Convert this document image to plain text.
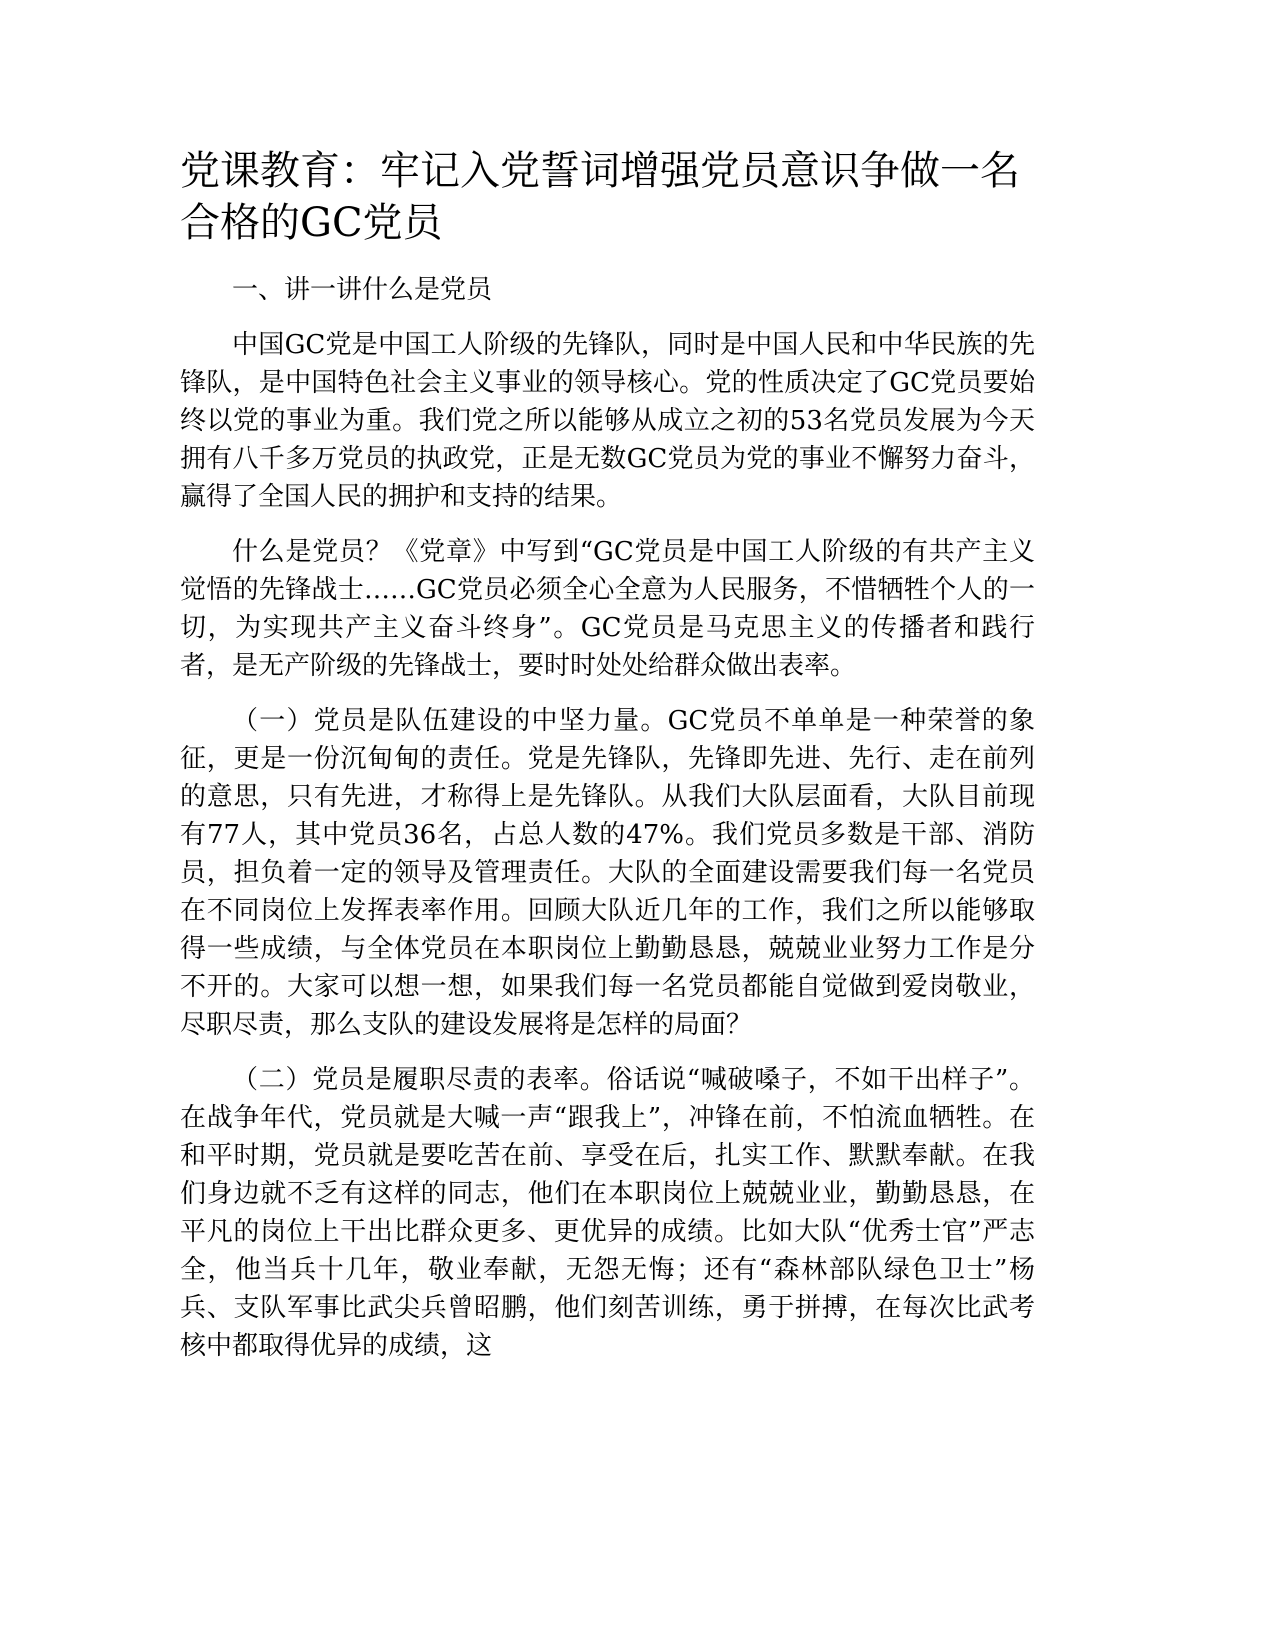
党课教育：牢记入党誓词增强党员意识争做一名合格的GC党员

一、讲一讲什么是党员

中国GC党是中国工人阶级的先锋队，同时是中国人民和中华民族的先锋队，是中国特色社会主义事业的领导核心。党的性质决定了GC党员要始终以党的事业为重。我们党之所以能够从成立之初的53名党员发展为今天拥有八千多万党员的执政党，正是无数GC党员为党的事业不懈努力奋斗，赢得了全国人民的拥护和支持的结果。

什么是党员？《党章》中写到“GC党员是中国工人阶级的有共产主义觉悟的先锋战士……GC党员必须全心全意为人民服务，不惜牺牲个人的一切，为实现共产主义奋斗终身”。GC党员是马克思主义的传播者和践行者，是无产阶级的先锋战士，要时时处处给群众做出表率。

（一）党员是队伍建设的中坚力量。GC党员不单单是一种荣誉的象征，更是一份沉甸甸的责任。党是先锋队，先锋即先进、先行、走在前列的意思，只有先进，才称得上是先锋队。从我们大队层面看，大队目前现有77人，其中党员36名，占总人数的47%。我们党员多数是干部、消防员，担负着一定的领导及管理责任。大队的全面建设需要我们每一名党员在不同岗位上发挥表率作用。回顾大队近几年的工作，我们之所以能够取得一些成绩，与全体党员在本职岗位上勤勤恳恳，兢兢业业努力工作是分不开的。大家可以想一想，如果我们每一名党员都能自觉做到爱岗敬业，尽职尽责，那么支队的建设发展将是怎样的局面？

（二）党员是履职尽责的表率。俗话说“喊破嗓子，不如干出样子”。在战争年代，党员就是大喊一声“跟我上”，冲锋在前，不怕流血牺牲。在和平时期，党员就是要吃苦在前、享受在后，扎实工作、默默奉献。在我们身边就不乏有这样的同志，他们在本职岗位上兢兢业业，勤勤恳恳，在平凡的岗位上干出比群众更多、更优异的成绩。比如大队“优秀士官”严志全，他当兵十几年，敬业奉献，无怨无悔；还有“森林部队绿色卫士”杨兵、支队军事比武尖兵曾昭鹏，他们刻苦训练，勇于拼搏，在每次比武考核中都取得优异的成绩，这
